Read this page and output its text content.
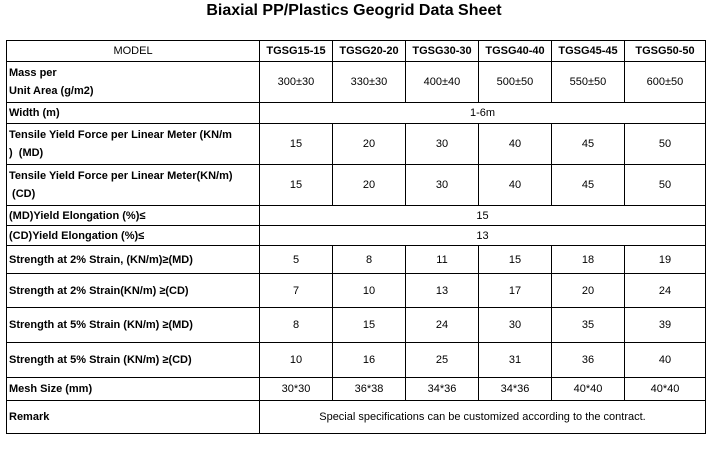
Biaxial PP/Plastics Geogrid Data Sheet
MODEL	TGSG15-15	TGSG20-20	TGSG30-30	TGSG40-40	TGSG45-45	TGSG50-50

Mass per
Unit Area (g/m2)	300±30	330±30	400±40	500±50	550±50	600±50
Width (m)	1-6m					

Tensile Yield Force per Linear Meter (KN/m
)  (MD)	15	20	30	40	45	50

Tensile Yield Force per Linear Meter(KN/m)
(CD)	15	20	30	40	45	50
(MD)Yield Elongation (%)≤	15					
(CD)Yield Elongation (%)≤	13					
Strength at 2% Strain, (KN/m)≥(MD)	5	8	11	15	18	19
Strength at 2% Strain(KN/m) ≥(CD)	7	10	13	17	20	24
Strength at 5% Strain (KN/m) ≥(MD)	8	15	24	30	35	39
Strength at 5% Strain (KN/m) ≥(CD)	10	16	25	31	36	40
Mesh Size (mm)	30*30	36*38	34*36	34*36	40*40	40*40
Remark	Special specifications can be customized according to the contract.					
